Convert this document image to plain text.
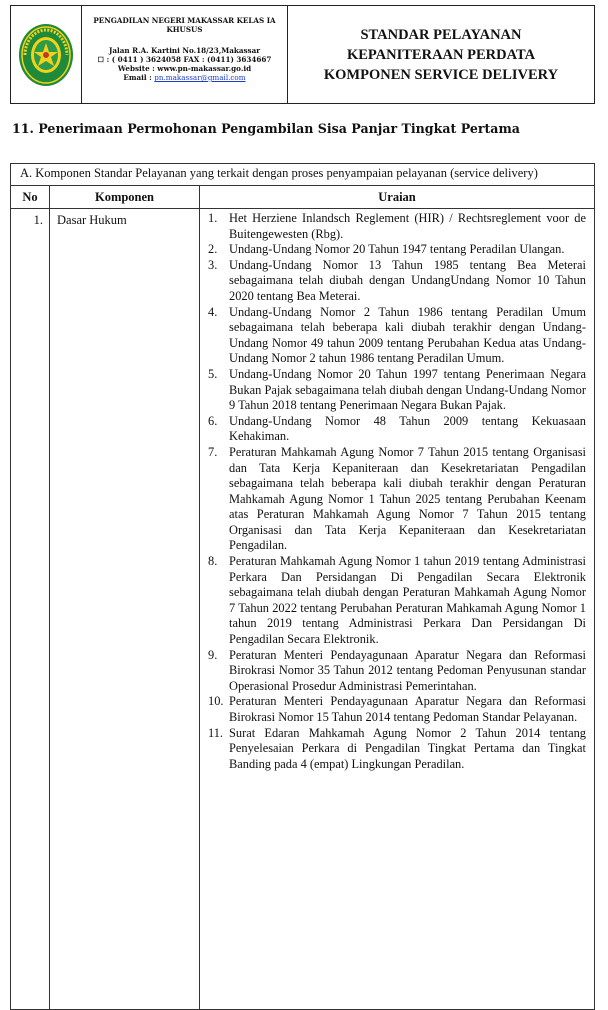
PENGADILAN NEGERI MAKASSAR KELAS IA KHUSUS
Jalan R.A. Kartini No.18/23,Makassar
☐ : ( 0411 ) 3624058 FAX : (0411) 3634667
Website : www.pn-makassar.go.id
Email : pn.makassar@gmail.com
STANDAR PELAYANAN
KEPANITERAAN PERDATA
KOMPONEN SERVICE DELIVERY
11. Penerimaan Permohonan Pengambilan Sisa Panjar Tingkat Pertama
A. Komponen Standar Pelayanan yang terkait dengan proses penyampaian pelayanan (service delivery)
No	Komponen	Uraian
1.	Dasar Hukum	1. Het Herziene Inlandsch Reglement (HIR) / Rechtsreglement voor de Buitengewesten (Rbg).
2. Undang-Undang Nomor 20 Tahun 1947 tentang Peradilan Ulangan.
3. Undang-Undang Nomor 13 Tahun 1985 tentang Bea Meterai sebagaimana telah diubah dengan UndangUndang Nomor 10 Tahun 2020 tentang Bea Meterai.
4. Undang-Undang Nomor 2 Tahun 1986 tentang Peradilan Umum sebagaimana telah beberapa kali diubah terakhir dengan Undang-Undang Nomor 49 tahun 2009 tentang Perubahan Kedua atas Undang-Undang Nomor 2 tahun 1986 tentang Peradilan Umum.
5. Undang-Undang Nomor 20 Tahun 1997 tentang Penerimaan Negara Bukan Pajak sebagaimana telah diubah dengan Undang-Undang Nomor 9 Tahun 2018 tentang Penerimaan Negara Bukan Pajak.
6. Undang-Undang Nomor 48 Tahun 2009 tentang Kekuasaan Kehakiman.
7. Peraturan Mahkamah Agung Nomor 7 Tahun 2015 tentang Organisasi dan Tata Kerja Kepaniteraan dan Kesekretariatan Pengadilan sebagaimana telah beberapa kali diubah terakhir dengan Peraturan Mahkamah Agung Nomor 1 Tahun 2025 tentang Perubahan Keenam atas Peraturan Mahkamah Agung Nomor 7 Tahun 2015 tentang Organisasi dan Tata Kerja Kepaniteraan dan Kesekretariatan Pengadilan.
8. Peraturan Mahkamah Agung Nomor 1 tahun 2019 tentang Administrasi Perkara Dan Persidangan Di Pengadilan Secara Elektronik sebagaimana telah diubah dengan Peraturan Mahkamah Agung Nomor 7 Tahun 2022 tentang Perubahan Peraturan Mahkamah Agung Nomor 1 tahun 2019 tentang Administrasi Perkara Dan Persidangan Di Pengadilan Secara Elektronik.
9. Peraturan Menteri Pendayagunaan Aparatur Negara dan Reformasi Birokrasi Nomor 35 Tahun 2012 tentang Pedoman Penyusunan standar Operasional Prosedur Administrasi Pemerintahan.
10. Peraturan Menteri Pendayagunaan Aparatur Negara dan Reformasi Birokrasi Nomor 15 Tahun 2014 tentang Pedoman Standar Pelayanan.
11. Surat Edaran Mahkamah Agung Nomor 2 Tahun 2014 tentang Penyelesaian Perkara di Pengadilan Tingkat Pertama dan Tingkat Banding pada 4 (empat) Lingkungan Peradilan.
